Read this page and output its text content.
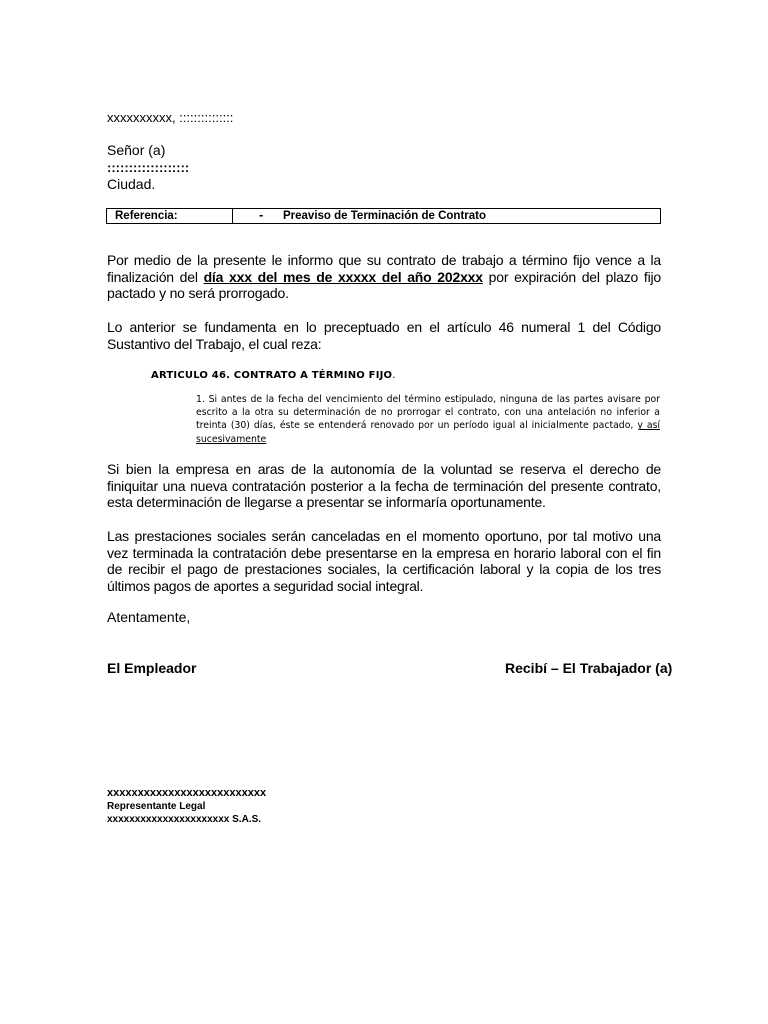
xxxxxxxxxx, :::::::::::::::
Señor (a)
:::::::::::::::::::
Ciudad.
Referencia:	- Preaviso de Terminación de Contrato
Por medio de la presente le informo que su contrato de trabajo a término fijo vence a la finalización del día xxx del mes de xxxxx del año 202xxx por expiración del plazo fijo pactado y no será prorrogado.
Lo anterior se fundamenta en lo preceptuado en el artículo 46 numeral 1 del Código Sustantivo del Trabajo, el cual reza:
ARTICULO 46. CONTRATO A TÉRMINO FIJO.
1. Si antes de la fecha del vencimiento del término estipulado, ninguna de las partes avisare por escrito a la otra su determinación de no prorrogar el contrato, con una antelación no inferior a treinta (30) días, éste se entenderá renovado por un período igual al inicialmente pactado, y así sucesivamente
Si bien la empresa en aras de la autonomía de la voluntad se reserva el derecho de finiquitar una nueva contratación posterior a la fecha de terminación del presente contrato, esta determinación de llegarse a presentar se informaría oportunamente.
Las prestaciones sociales serán canceladas en el momento oportuno, por tal motivo una vez terminada la contratación debe presentarse en la empresa en horario laboral con el fin de recibir el pago de prestaciones sociales, la certificación laboral y la copia de los tres últimos pagos de aportes a seguridad social integral.
Atentamente,
El Empleador	Recibí – El Trabajador (a)
xxxxxxxxxxxxxxxxxxxxxxxxxx
Representante Legal
xxxxxxxxxxxxxxxxxxxxxx S.A.S.
